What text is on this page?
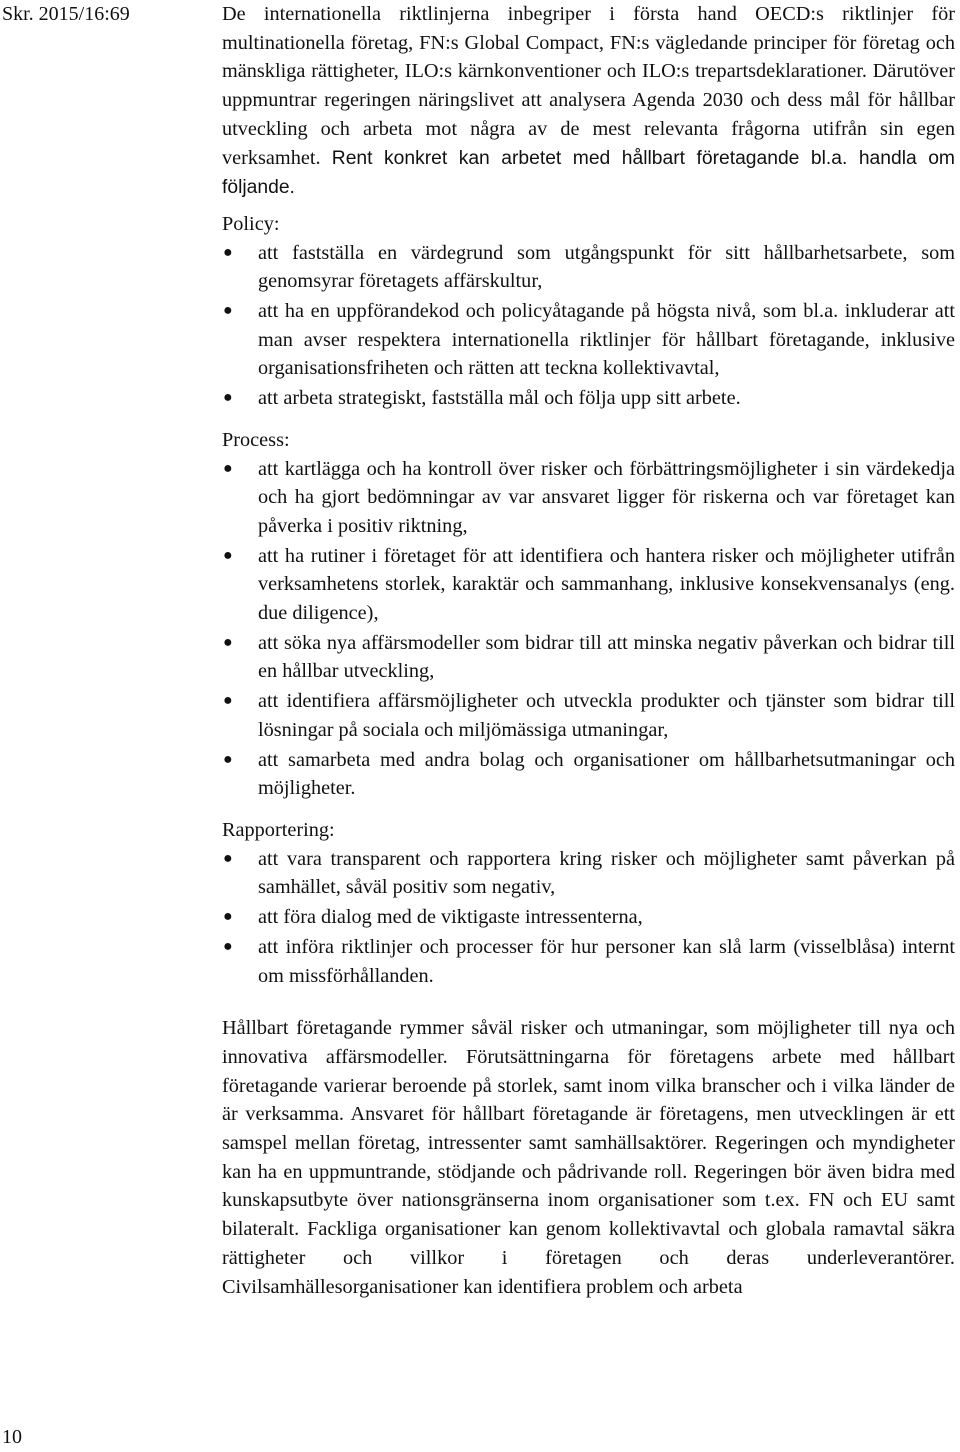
Skr. 2015/16:69	De internationella riktlinjerna inbegriper i första hand OECD:s riktlinjer för multinationella företag, FN:s Global Compact, FN:s vägledande principer för företag och mänskliga rättigheter, ILO:s kärnkonventioner och ILO:s trepartsdeklarationer. Därutöver uppmuntrar regeringen näringslivet att analysera Agenda 2030 och dess mål för hållbar utveckling och arbeta mot några av de mest relevanta frågorna utifrån sin egen verksamhet. Rent konkret kan arbetet med hållbart företagande bl.a. handla om följande.

Policy:
● att fastställa en värdegrund som utgångspunkt för sitt hållbarhetsarbete, som genomsyrar företagets affärskultur,
● att ha en uppförandekod och policyåtagande på högsta nivå, som bl.a. inkluderar att man avser respektera internationella riktlinjer för hållbart företagande, inklusive organisationsfriheten och rätten att teckna kollektivavtal,
● att arbeta strategiskt, fastställa mål och följa upp sitt arbete.
Process:
● att kartlägga och ha kontroll över risker och förbättringsmöjligheter i sin värdekedja och ha gjort bedömningar av var ansvaret ligger för riskerna och var företaget kan påverka i positiv riktning,
● att ha rutiner i företaget för att identifiera och hantera risker och möjligheter utifrån verksamhetens storlek, karaktär och sammanhang, inklusive konsekvensanalys (eng. due diligence),
● att söka nya affärsmodeller som bidrar till att minska negativ påverkan och bidrar till en hållbar utveckling,
● att identifiera affärsmöjligheter och utveckla produkter och tjänster som bidrar till lösningar på sociala och miljömässiga utmaningar,
● att samarbeta med andra bolag och organisationer om hållbarhetsutmaningar och möjligheter.
Rapportering:
● att vara transparent och rapportera kring risker och möjligheter samt påverkan på samhället, såväl positiv som negativ,
● att föra dialog med de viktigaste intressenterna,
● att införa riktlinjer och processer för hur personer kan slå larm (visselblåsa) internt om missförhållanden.

Hållbart företagande rymmer såväl risker och utmaningar, som möjligheter till nya och innovativa affärsmodeller. Förutsättningarna för företagens arbete med hållbart företagande varierar beroende på storlek, samt inom vilka branscher och i vilka länder de är verksamma. Ansvaret för hållbart företagande är företagens, men utvecklingen är ett samspel mellan företag, intressenter samt samhällsaktörer. Regeringen och myndigheter kan ha en uppmuntrande, stödjande och pådrivande roll. Regeringen bör även bidra med kunskapsutbyte över nationsgränserna inom organisationer som t.ex. FN och EU samt bilateralt. Fackliga organisationer kan genom kollektivavtal och globala ramavtal säkra rättigheter och villkor i företagen och deras underleverantörer. Civilsamhällesorganisationer kan identifiera problem och arbeta

10
